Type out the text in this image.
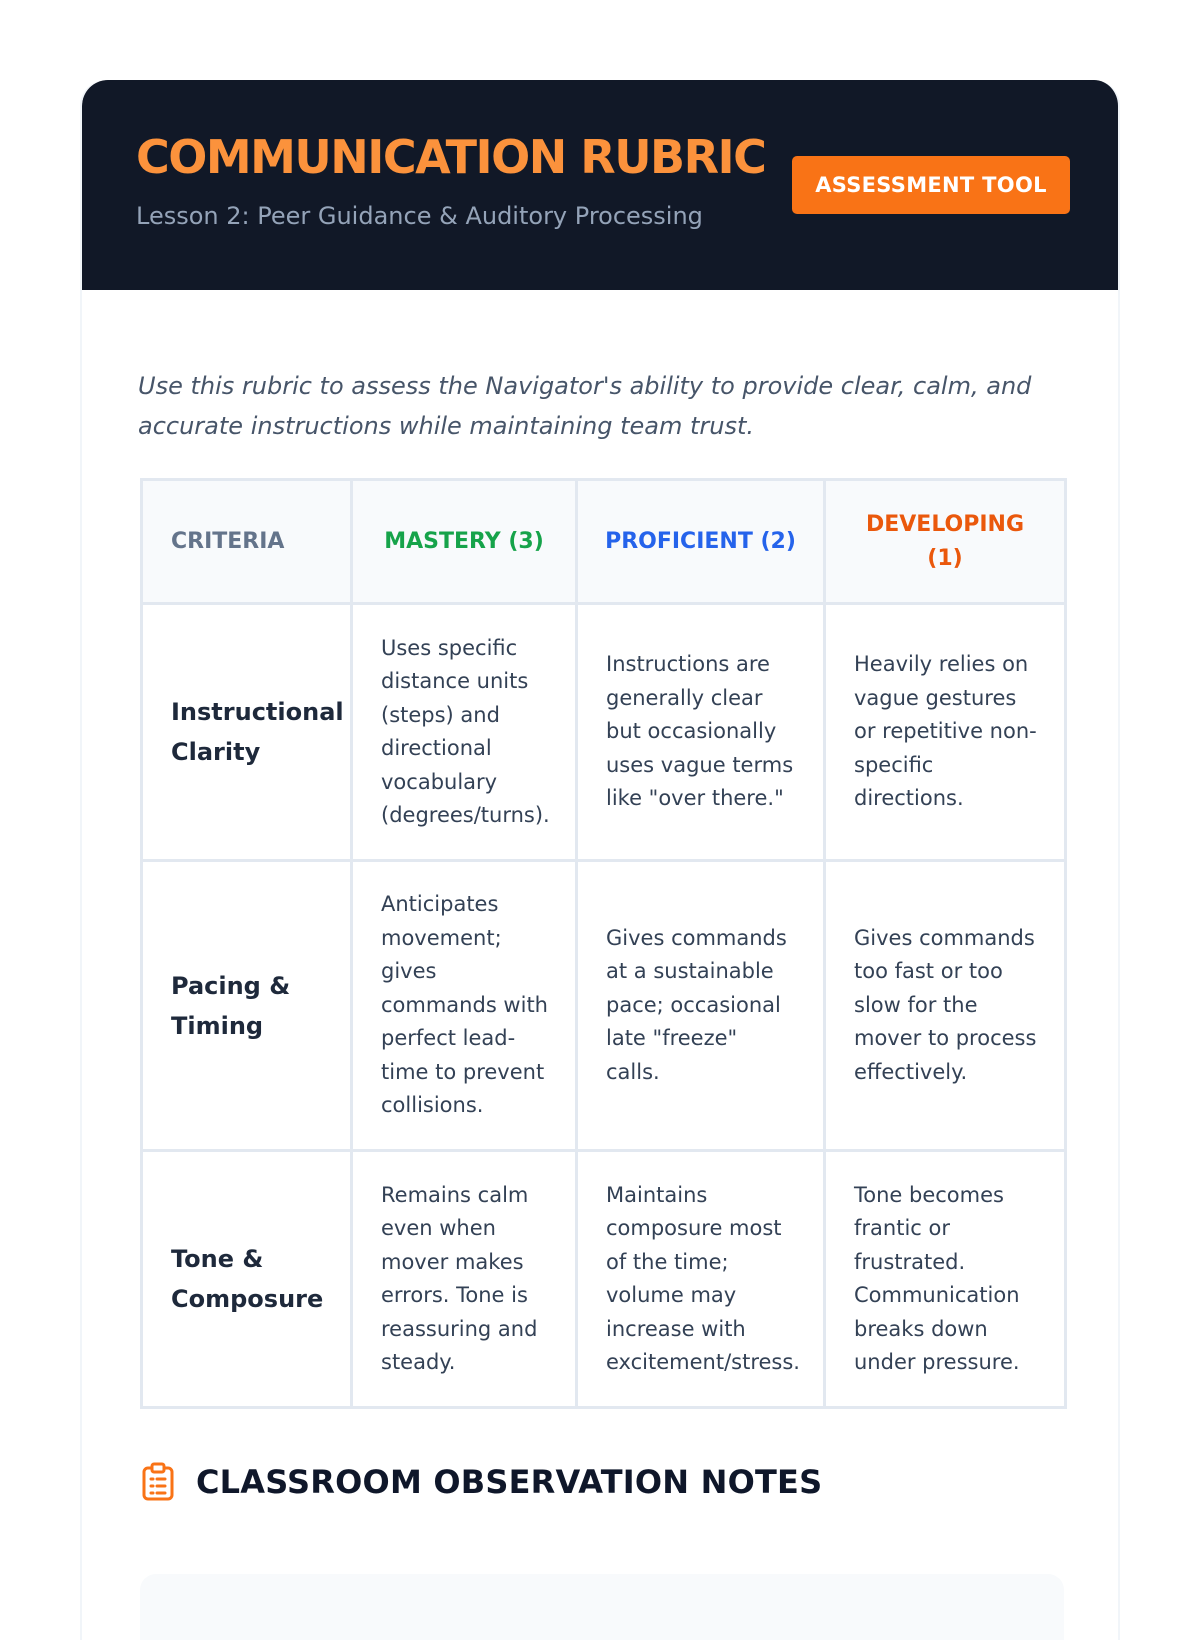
COMMUNICATION RUBRIC
Lesson 2: Peer Guidance & Auditory Processing
ASSESSMENT TOOL

Use this rubric to assess the Navigator's ability to provide clear, calm, and accurate instructions while maintaining team trust.

CRITERIA	MASTERY (3)	PROFICIENT (2)	DEVELOPING (1)
Instructional Clarity	Uses specific distance units (steps) and directional vocabulary (degrees/turns).	Instructions are generally clear but occasionally uses vague terms like "over there."	Heavily relies on vague gestures or repetitive non-specific directions.
Pacing & Timing	Anticipates movement; gives commands with perfect lead-time to prevent collisions.	Gives commands at a sustainable pace; occasional late "freeze" calls.	Gives commands too fast or too slow for the mover to process effectively.
Tone & Composure	Remains calm even when mover makes errors. Tone is reassuring and steady.	Maintains composure most of the time; volume may increase with excitement/stress.	Tone becomes frantic or frustrated. Communication breaks down under pressure.
CLASSROOM OBSERVATION NOTES
